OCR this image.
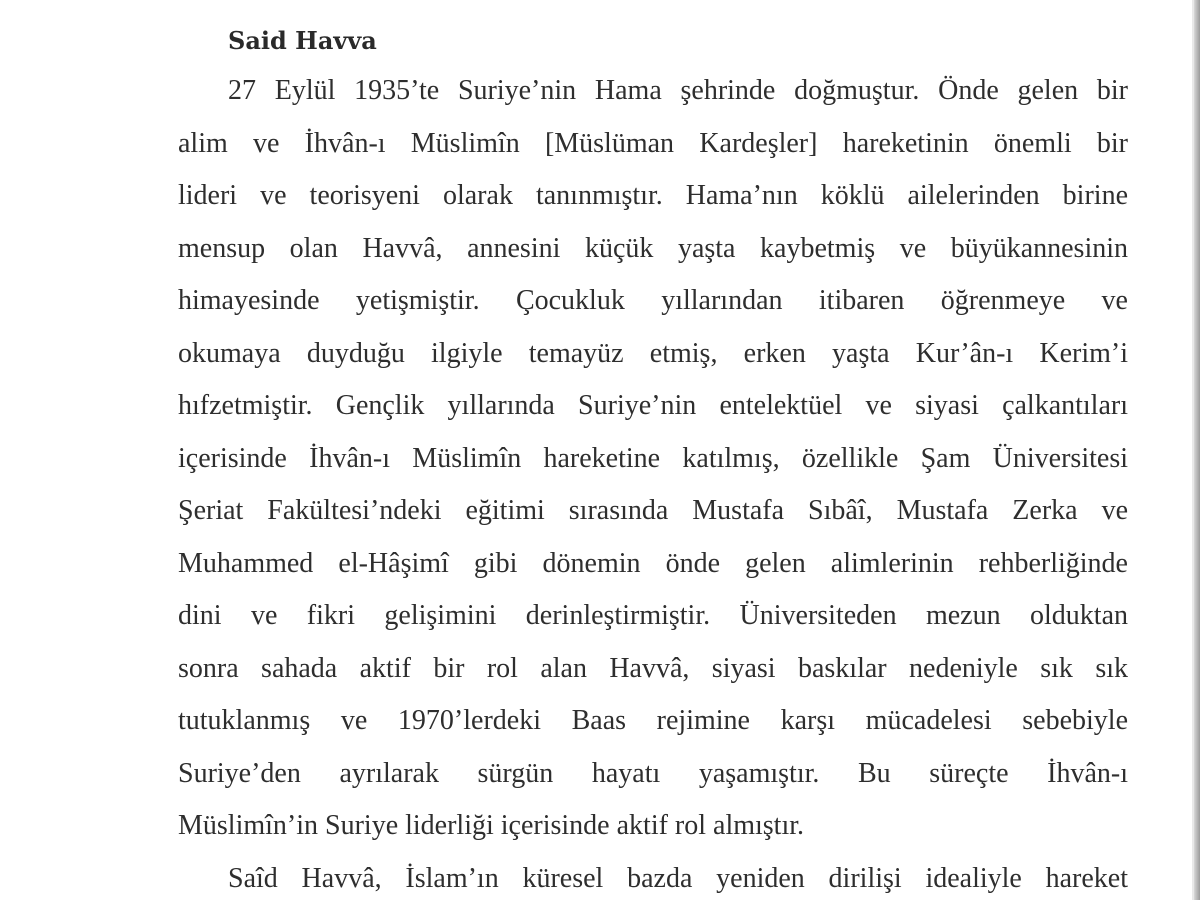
Said Havva
27 Eylül 1935’te Suriye’nin Hama şehrinde doğmuştur. Önde gelen bir
alim ve İhvân-ı Müslimîn [Müslüman Kardeşler] hareketinin önemli bir
lideri ve teorisyeni olarak tanınmıştır. Hama’nın köklü ailelerinden birine
mensup olan Havvâ, annesini küçük yaşta kaybetmiş ve büyükannesinin
himayesinde yetişmiştir. Çocukluk yıllarından itibaren öğrenmeye ve
okumaya duyduğu ilgiyle temayüz etmiş, erken yaşta Kur’ân-ı Kerim’i
hıfzetmiştir. Gençlik yıllarında Suriye’nin entelektüel ve siyasi çalkantıları
içerisinde İhvân-ı Müslimîn hareketine katılmış, özellikle Şam Üniversitesi
Şeriat Fakültesi’ndeki eğitimi sırasında Mustafa Sıbâî, Mustafa Zerka ve
Muhammed el-Hâşimî gibi dönemin önde gelen alimlerinin rehberliğinde
dini ve fikri gelişimini derinleştirmiştir. Üniversiteden mezun olduktan
sonra sahada aktif bir rol alan Havvâ, siyasi baskılar nedeniyle sık sık
tutuklanmış ve 1970’lerdeki Baas rejimine karşı mücadelesi sebebiyle
Suriye’den ayrılarak sürgün hayatı yaşamıştır. Bu süreçte İhvân-ı
Müslimîn’in Suriye liderliği içerisinde aktif rol almıştır.
Saîd Havvâ, İslam’ın küresel bazda yeniden dirilişi idealiyle hareket
